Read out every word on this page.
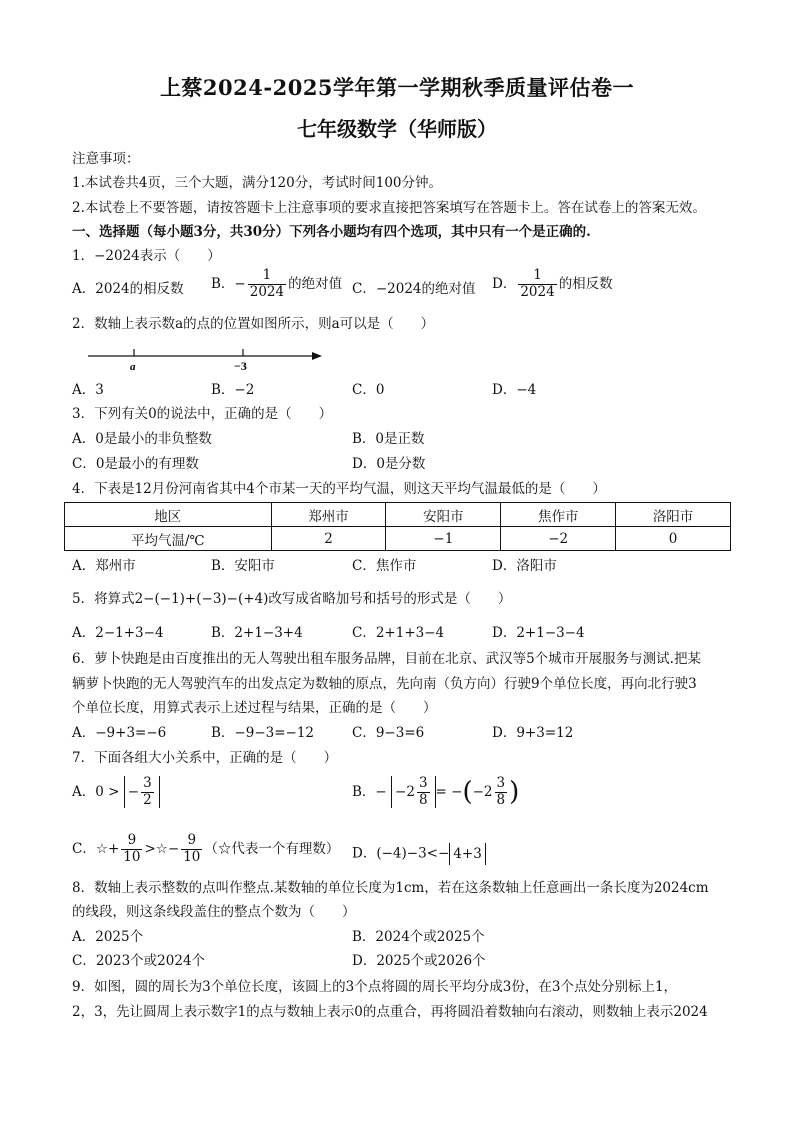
上蔡2024-2025学年第一学期秋季质量评估卷一
七年级数学（华师版）
注意事项：
1.本试卷共4页，三个大题，满分120分，考试时间100分钟。
2.本试卷上不要答题，请按答题卡上注意事项的要求直接把答案填写在答题卡上。答在试卷上的答案无效。
一、选择题（每小题3分，共30分）下列各小题均有四个选项，其中只有一个是正确的.
1．−2024表示（　　）
A．2024的相反数 B．− $\frac{1}{2024}$ 的绝对值 C．−2024的绝对值 D． $\frac{1}{2024}$ 的相反数
2．数轴上表示数a的点的位置如图所示，则a可以是（　　）
a	−3
A．3	B．−2	C．0	D．−4
3．下列有关0的说法中，正确的是（　　）
A．0是最小的非负整数	B．0是正数
C．0是最小的有理数	D．0是分数
4．下表是12月份河南省其中4个市某一天的平均气温，则这天平均气温最低的是（　　）
地区	郑州市	安阳市	焦作市	洛阳市
平均气温/℃	2	−1	−2	0
A．郑州市	B．安阳市	C．焦作市	D．洛阳市
5．将算式2−(−1)+(−3)−(+4)改写成省略加号和括号的形式是（　　）
A．2−1+3−4	B．2+1−3+4	C．2+1+3−4	D．2+1−3−4
6．萝卜快跑是由百度推出的无人驾驶出租车服务品牌，目前在北京、武汉等5个城市开展服务与测试.把某
辆萝卜快跑的无人驾驶汽车的出发点定为数轴的原点，先向南（负方向）行驶9个单位长度，再向北行驶3
个单位长度，用算式表示上述过程与结果，正确的是（　　）
A．−9+3=−6	B．−9−3=−12	C．9−3=6	D．9+3=12
7．下面各组大小关系中，正确的是（　　）
A．0 > − $\frac{3}{2}$	B．− $-2 \frac{3}{8} = -(-2 \frac{3}{8}$ )
C．☆+ $\frac{9}{10}$ >☆− $\frac{9}{10}$ （☆代表一个有理数） D．(−4)−3<− 4+3
8．数轴上表示整数的点叫作整点.某数轴的单位长度为1cm，若在这条数轴上任意画出一条长度为2024cm
的线段，则这条线段盖住的整点个数为（　　）
A．2025个	B．2024个或2025个
C．2023个或2024个	D．2025个或2026个
9．如图，圆的周长为3个单位长度，该圆上的3个点将圆的周长平均分成3份，在3个点处分别标上1，
2，3，先让圆周上表示数字1的点与数轴上表示0的点重合，再将圆沿着数轴向右滚动，则数轴上表示2024
